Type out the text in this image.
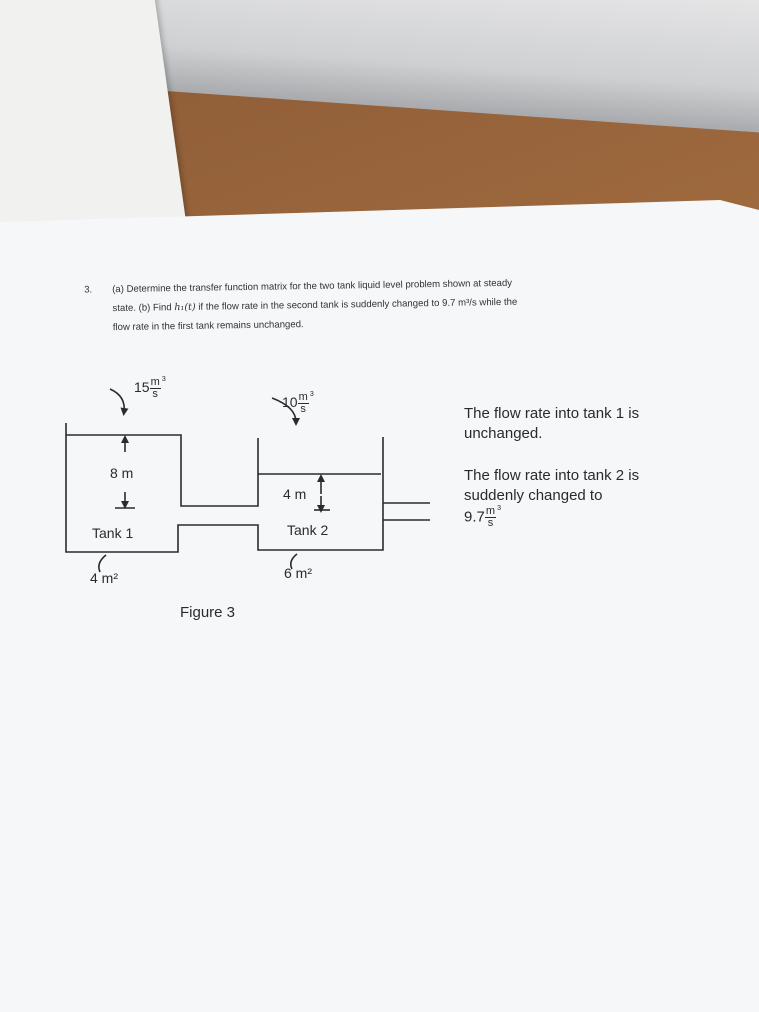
3. (a) Determine the transfer function matrix for the two tank liquid level problem shown at steady
state. (b) Find h₁(t) if the flow rate in the second tank is suddenly changed to 9.7 m³/s while the
flow rate in the first tank remains unchanged.
$15 \frac{m 3}{s}$
$10 \frac{m 3}{s}$
8 m
4 m
Tank 1	Tank 2
4 m²	6 m²
Figure 3
The flow rate into tank 1 is unchanged.
The flow rate into tank 2 is suddenly changed to
$9.7 \frac{m 3}{s}$
